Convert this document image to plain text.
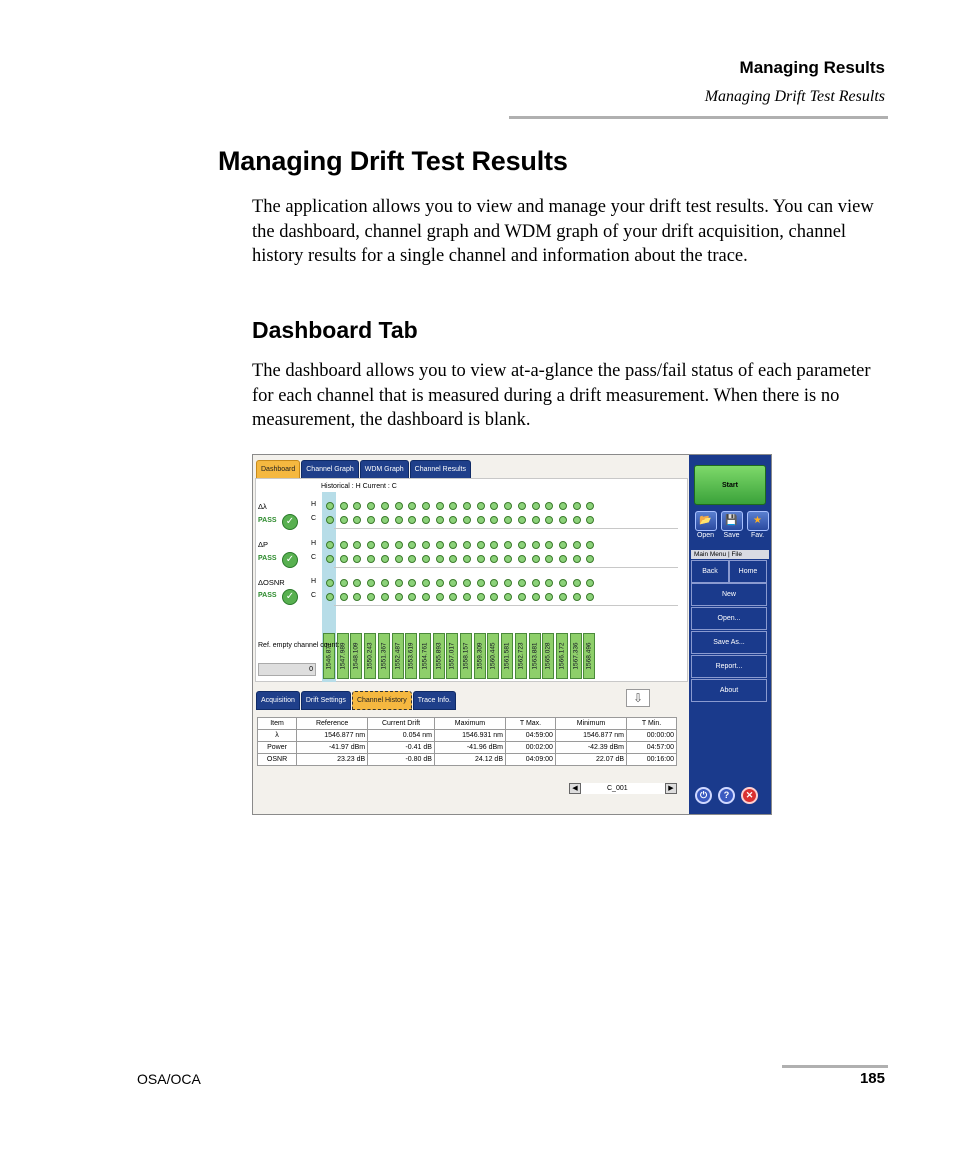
Managing Results
Managing Drift Test Results
Managing Drift Test Results

The application allows you to view and manage your drift test results. You can view the dashboard, channel graph and WDM graph of your drift acquisition, channel history results for a single channel and information about the trace.

Dashboard Tab

The dashboard allows you to view at-a-glance the pass/fail status of each parameter for each channel that is measured during a drift measurement. When there is no measurement, the dashboard is blank.

Dashboard	Channel Graph	WDM Graph	Channel Results
Historical : H Current : C
Δλ
PASS ✓
ΔP
PASS ✓
ΔOSNR
PASS ✓
H
C
H
C
H
C
1546.877 1547.989 1548.109 1550.243 1551.367 1552.487 1553.619 1554.761 1555.893 1557.017 1558.157 1559.309 1560.445 1561.581 1562.723 1563.881 1565.028 1566.172 1567.336 1568.496
Ref. empty channel count:
0
Acquisition	Drift Settings	Channel History	Trace Info.	⇩
Item	Reference	Current Drift	Maximum	T Max.	Minimum	T Min.
λ	1546.877 nm	0.054 nm	1546.931 nm	04:59:00	1546.877 nm	00:00:00
Power	-41.97 dBm	-0.41 dB	-41.96 dBm	00:02:00	-42.39 dBm	04:57:00
OSNR	23.23 dB	-0.80 dB	24.12 dB	04:09:00	22.07 dB	00:16:00
◀	C_001	▶
Start
📂
Open
💾
Save
★
Fav.
Main Menu | File
Back	Home
New
Open...
Save As...
Report...
About
⏻	?	✕
OSA/OCA	185
